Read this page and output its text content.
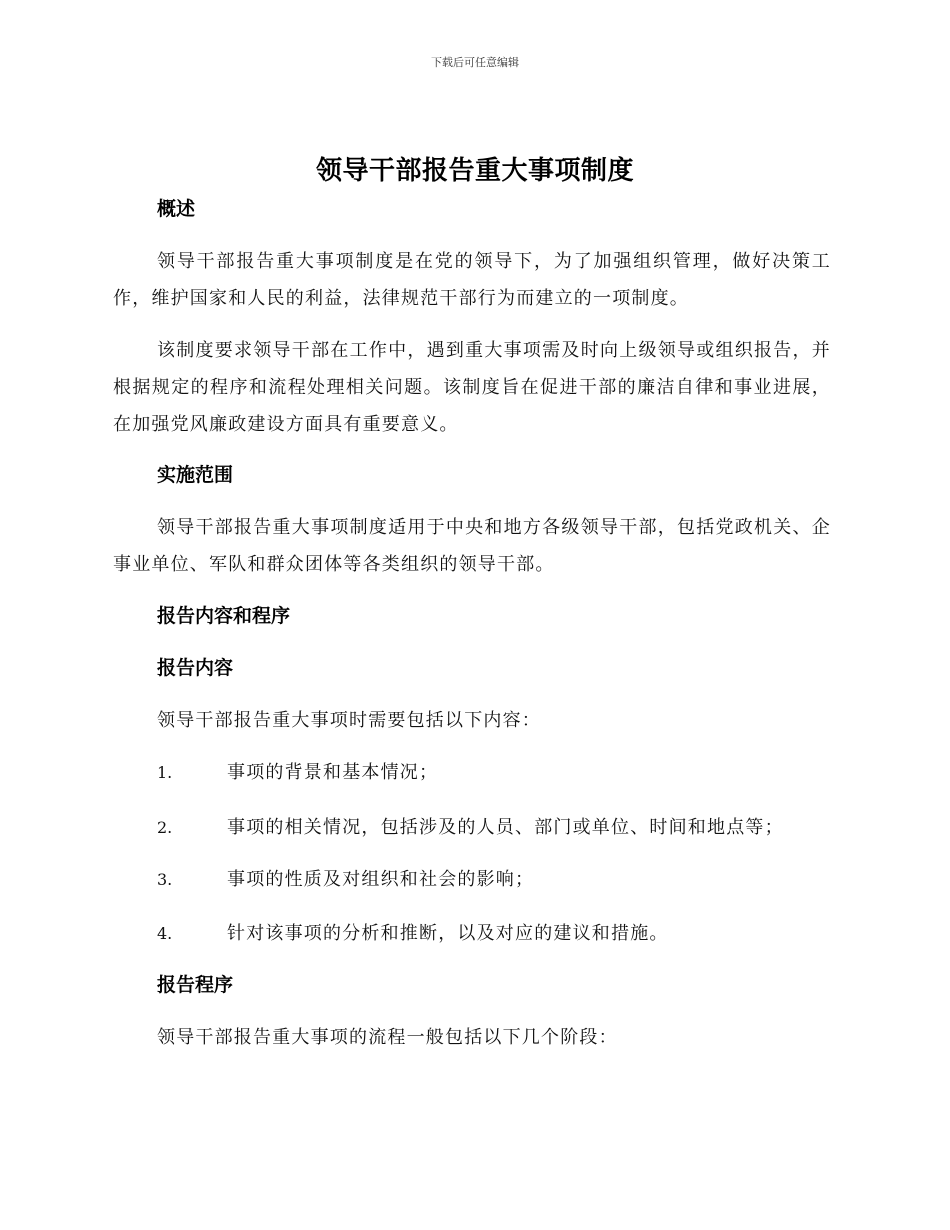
下载后可任意编辑
领导干部报告重大事项制度

概述

领导干部报告重大事项制度是在党的领导下，为了加强组织管理，做好决策工作，维护国家和人民的利益，法律规范干部行为而建立的一项制度。

该制度要求领导干部在工作中，遇到重大事项需及时向上级领导或组织报告，并根据规定的程序和流程处理相关问题。该制度旨在促进干部的廉洁自律和事业进展，在加强党风廉政建设方面具有重要意义。

实施范围

领导干部报告重大事项制度适用于中央和地方各级领导干部，包括党政机关、企事业单位、军队和群众团体等各类组织的领导干部。

报告内容和程序

报告内容

领导干部报告重大事项时需要包括以下内容：

1.	事项的背景和基本情况；

2.	事项的相关情况，包括涉及的人员、部门或单位、时间和地点等；

3.	事项的性质及对组织和社会的影响；

4.	针对该事项的分析和推断，以及对应的建议和措施。

报告程序

领导干部报告重大事项的流程一般包括以下几个阶段：
